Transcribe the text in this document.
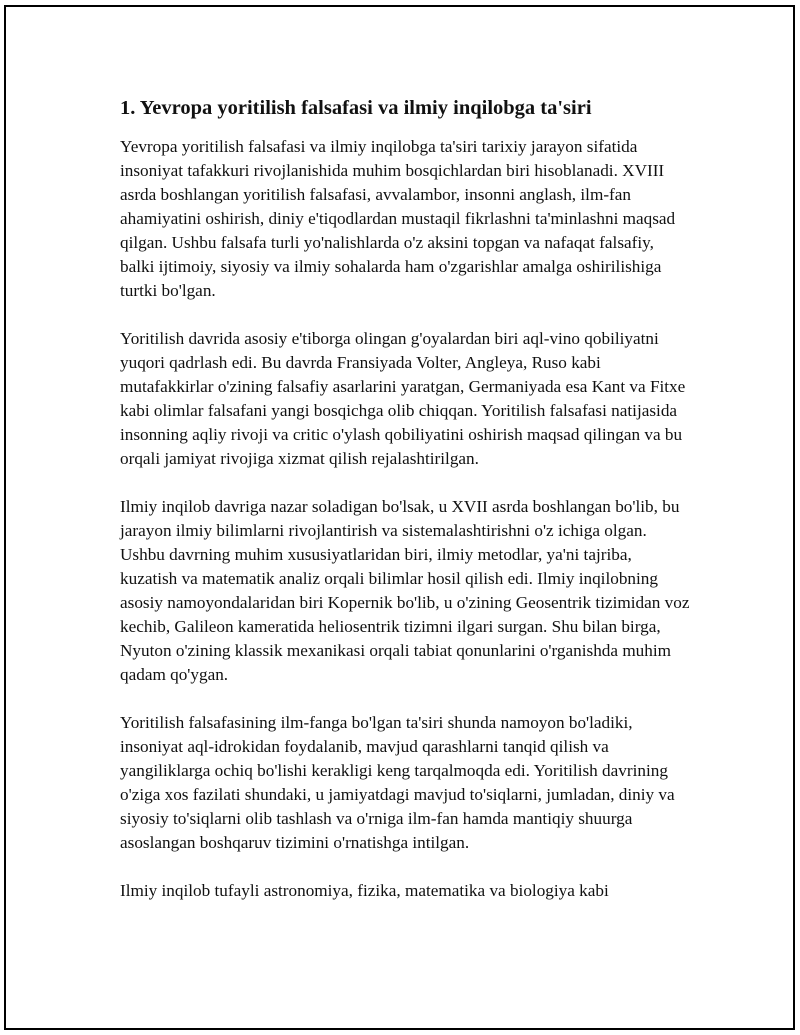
1. Yevropa yoritilish falsafasi va ilmiy inqilobga ta'siri

Yevropa yoritilish falsafasi va ilmiy inqilobga ta'siri tarixiy jarayon sifatida insoniyat tafakkuri rivojlanishida muhim bosqichlardan biri hisoblanadi. XVIII asrda boshlangan yoritilish falsafasi, avvalambor, insonni anglash, ilm-fan ahamiyatini oshirish, diniy e'tiqodlardan mustaqil fikrlashni ta'minlashni maqsad qilgan. Ushbu falsafa turli yo'nalishlarda o'z aksini topgan va nafaqat falsafiy, balki ijtimoiy, siyosiy va ilmiy sohalarda ham o'zgarishlar amalga oshirilishiga turtki bo'lgan.

Yoritilish davrida asosiy e'tiborga olingan g'oyalardan biri aql-vino qobiliyatni yuqori qadrlash edi. Bu davrda Fransiyada Volter, Angleya, Ruso kabi mutafakkirlar o'zining falsafiy asarlarini yaratgan, Germaniyada esa Kant va Fitxe kabi olimlar falsafani yangi bosqichga olib chiqqan. Yoritilish falsafasi natijasida insonning aqliy rivoji va critic o'ylash qobiliyatini oshirish maqsad qilingan va bu orqali jamiyat rivojiga xizmat qilish rejalashtirilgan.

Ilmiy inqilob davriga nazar soladigan bo'lsak, u XVII asrda boshlangan bo'lib, bu jarayon ilmiy bilimlarni rivojlantirish va sistemalashtirishni o'z ichiga olgan. Ushbu davrning muhim xususiyatlaridan biri, ilmiy metodlar, ya'ni tajriba, kuzatish va matematik analiz orqali bilimlar hosil qilish edi. Ilmiy inqilobning asosiy namoyondalaridan biri Kopernik bo'lib, u o'zining Geosentrik tizimidan voz kechib, Galileon kameratida heliosentrik tizimni ilgari surgan. Shu bilan birga, Nyuton o'zining klassik mexanikasi orqali tabiat qonunlarini o'rganishda muhim qadam qo'ygan.

Yoritilish falsafasining ilm-fanga bo'lgan ta'siri shunda namoyon bo'ladiki, insoniyat aql-idrokidan foydalanib, mavjud qarashlarni tanqid qilish va yangiliklarga ochiq bo'lishi kerakligi keng tarqalmoqda edi. Yoritilish davrining o'ziga xos fazilati shundaki, u jamiyatdagi mavjud to'siqlarni, jumladan, diniy va siyosiy to'siqlarni olib tashlash va o'rniga ilm-fan hamda mantiqiy shuurga asoslangan boshqaruv tizimini o'rnatishga intilgan.

Ilmiy inqilob tufayli astronomiya, fizika, matematika va biologiya kabi
